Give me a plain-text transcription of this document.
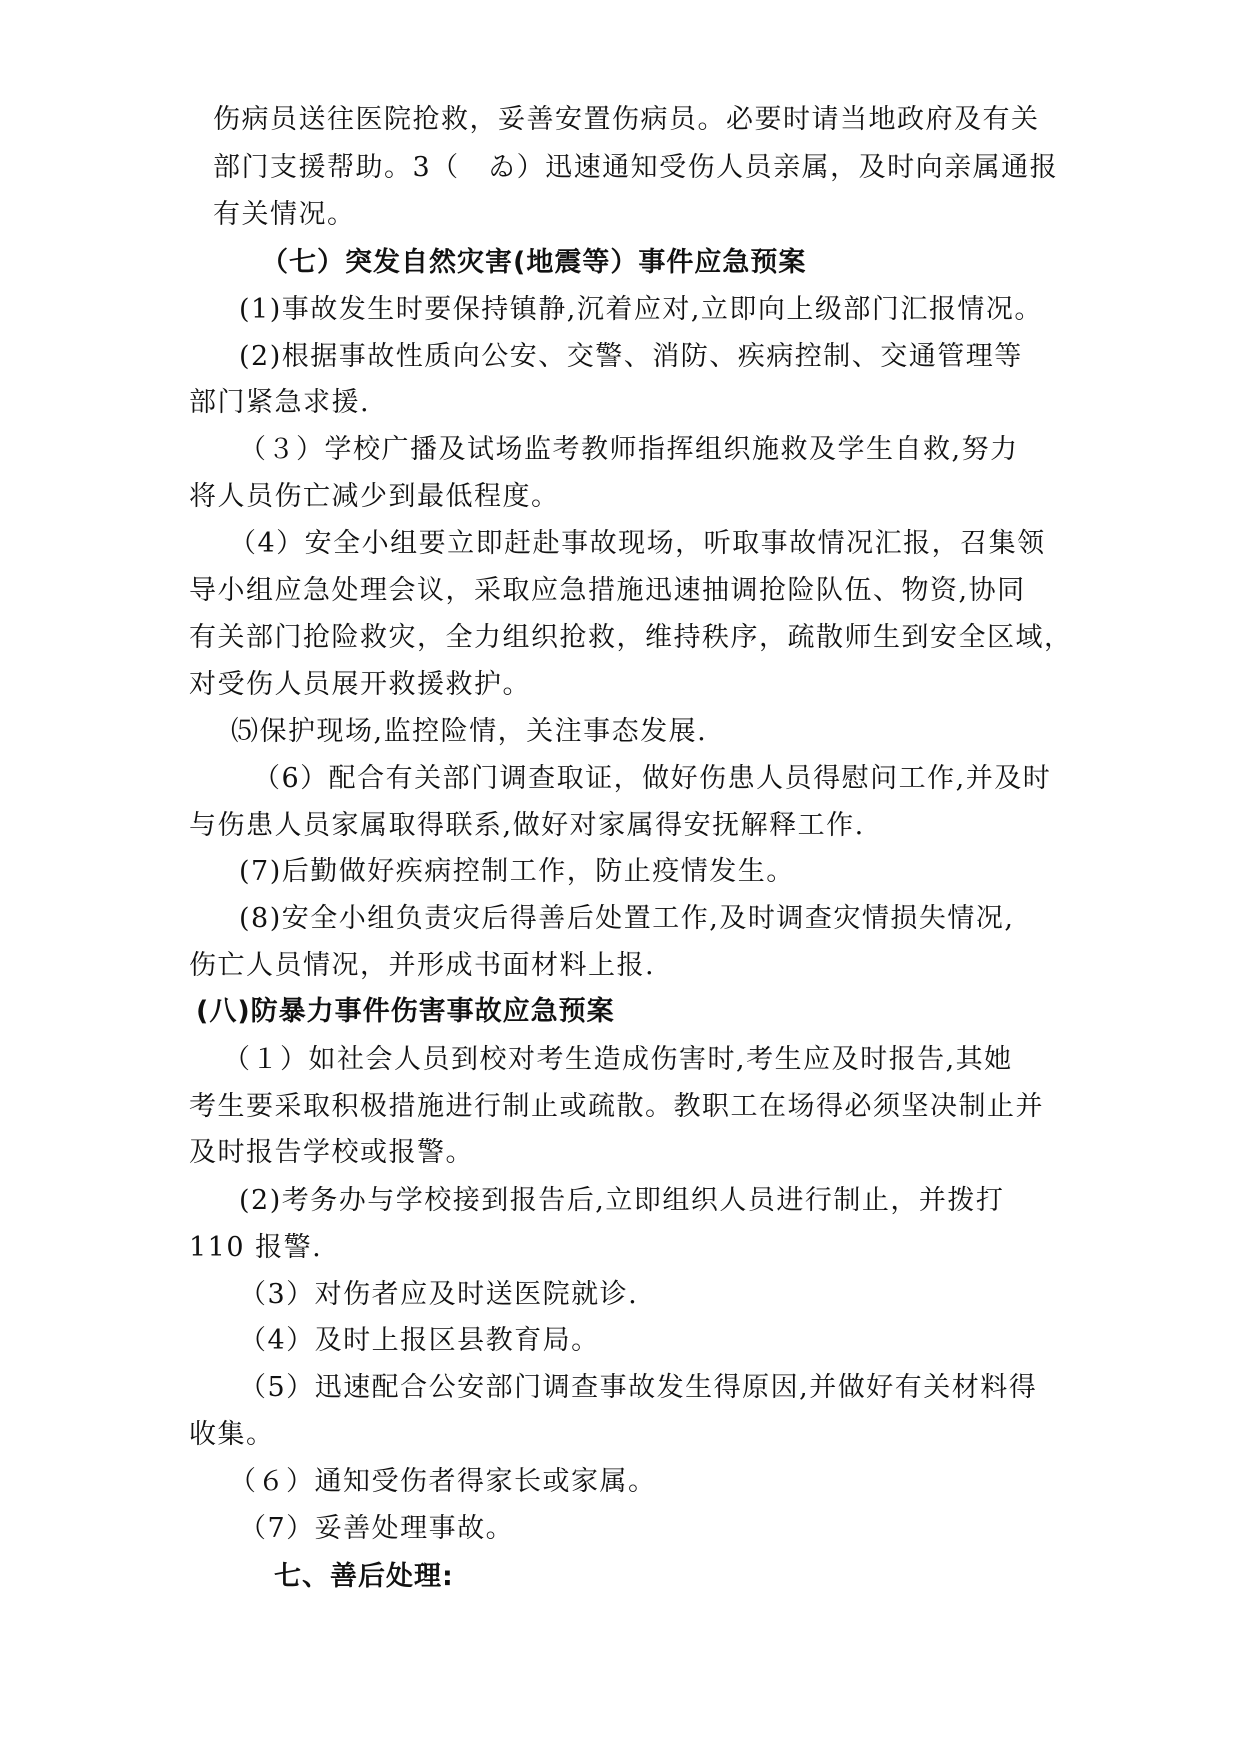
伤病员送往医院抢救，妥善安置伤病员。必要时请当地政府及有关
部门支援帮助。3（　ゐ）迅速通知受伤人员亲属，及时向亲属通报
有关情况。
（七）突发自然灾害(地震等）事件应急预案
(1)事故发生时要保持镇静,沉着应对,立即向上级部门汇报情况。
(2)根据事故性质向公安、交警、消防、疾病控制、交通管理等
部门紧急求援.
（３）学校广播及试场监考教师指挥组织施救及学生自救,努力
将人员伤亡减少到最低程度。
（4）安全小组要立即赶赴事故现场，听取事故情况汇报，召集领
导小组应急处理会议，采取应急措施迅速抽调抢险队伍、物资,协同
有关部门抢险救灾，全力组织抢救，维持秩序，疏散师生到安全区域，
对受伤人员展开救援救护。
⑸保护现场,监控险情，关注事态发展.
（6）配合有关部门调查取证，做好伤患人员得慰问工作,并及时
与伤患人员家属取得联系,做好对家属得安抚解释工作.
(7)后勤做好疾病控制工作，防止疫情发生。
(8)安全小组负责灾后得善后处置工作,及时调查灾情损失情况,
伤亡人员情况，并形成书面材料上报.
(八)防暴力事件伤害事故应急预案
（１）如社会人员到校对考生造成伤害时,考生应及时报告,其她
考生要采取积极措施进行制止或疏散。教职工在场得必须坚决制止并
及时报告学校或报警。
(2)考务办与学校接到报告后,立即组织人员进行制止，并拨打
110 报警.
（3）对伤者应及时送医院就诊.
（4）及时上报区县教育局。
（5）迅速配合公安部门调查事故发生得原因,并做好有关材料得
收集。
（６）通知受伤者得家长或家属。
（7）妥善处理事故。
七、善后处理:
